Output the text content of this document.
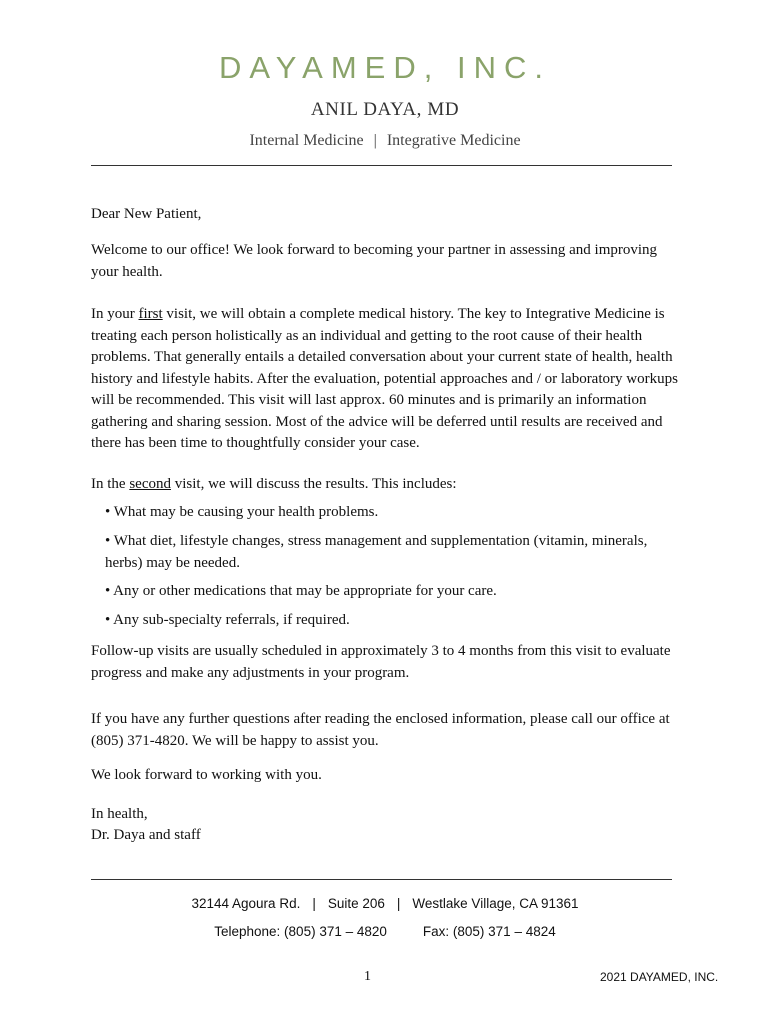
DAYAMED, INC.
ANIL DAYA, MD
Internal Medicine | Integrative Medicine

Dear New Patient,

Welcome to our office! We look forward to becoming your partner in assessing and improving your health.

In your first visit, we will obtain a complete medical history. The key to Integrative Medicine is treating each person holistically as an individual and getting to the root cause of their health problems. That generally entails a detailed conversation about your current state of health, health history and lifestyle habits. After the evaluation, potential approaches and / or laboratory workups will be recommended. This visit will last approx. 60 minutes and is primarily an information gathering and sharing session. Most of the advice will be deferred until results are received and there has been time to thoughtfully consider your case.

In the second visit, we will discuss the results. This includes:

• What may be causing your health problems.
• What diet, lifestyle changes, stress management and supplementation (vitamin, minerals, herbs) may be needed.
• Any or other medications that may be appropriate for your care.
• Any sub-specialty referrals, if required.

Follow-up visits are usually scheduled in approximately 3 to 4 months from this visit to evaluate progress and make any adjustments in your program.

If you have any further questions after reading the enclosed information, please call our office at (805) 371-4820. We will be happy to assist you.

We look forward to working with you.

In health,

Dr. Daya and staff

32144 Agoura Rd. | Suite 206 | Westlake Village, CA 91361
Telephone: (805) 371 – 4820	Fax: (805) 371 – 4824
1	2021 DAYAMED, INC.
